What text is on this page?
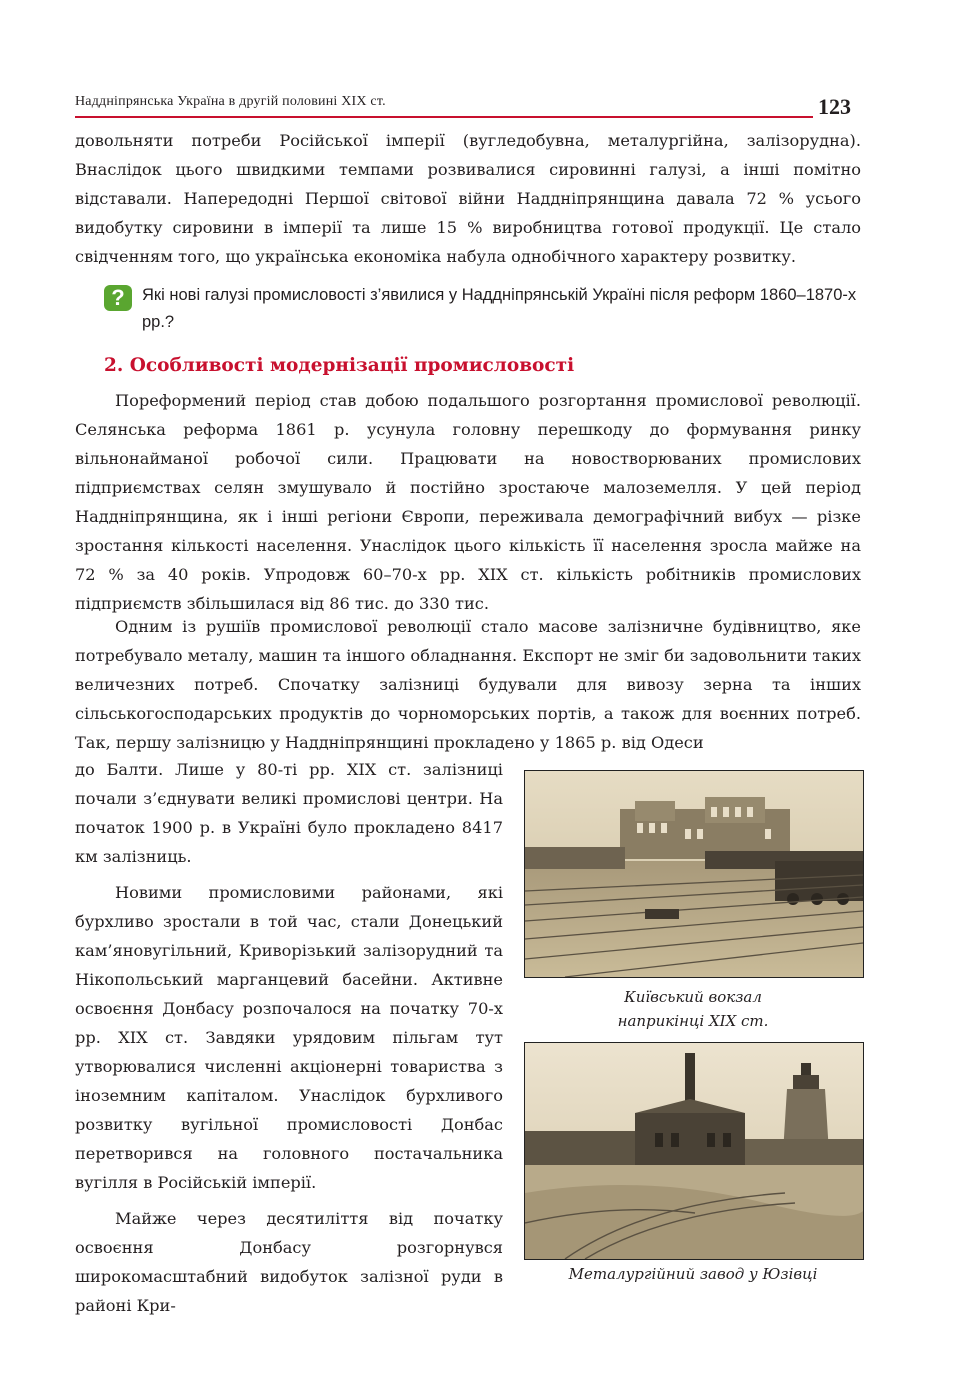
Наддніпрянська Україна в другій половині XIX ст.	123

довольняти потреби Російської імперії (вугледобувна, металургійна, залізорудна). Внаслідок цього швидкими темпами розвивалися сировинні галузі, а інші помітно відставали. Напередодні Першої світової війни Наддніпрянщина давала 72 % усього видобутку сировини в імперії та лише 15 % виробництва готової продукції. Це стало свідченням того, що українська економіка набула однобічного характеру розвитку.

?	Які нові галузі промисловості з’явилися у Наддніпрянській Україні після реформ 1860–1870-х рр.?
2. Особливості модернізації промисловості

Пореформений період став добою подальшого розгортання промислової революції. Селянська реформа 1861 р. усунула головну перешкоду до формування ринку вільнонайманої робочої сили. Працювати на новостворюваних промислових підприємствах селян змушувало й постійно зростаюче малоземелля. У цей період Наддніпрянщина, як і інші регіони Європи, переживала демографічний вибух — різке зростання кількості населення. Унаслідок цього кількість її населення зросла майже на 72 % за 40 років. Упродовж 60–70-х рр. XIX ст. кількість робітників промислових підприємств збільшилася від 86 тис. до 330 тис.

Одним із рушіїв промислової революції стало масове залізничне будівництво, яке потребувало металу, машин та іншого обладнання. Експорт не зміг би задовольнити таких величезних потреб. Спочатку залізниці будували для вивозу зерна та інших сільськогосподарських продуктів до чорноморських портів, а також для воєнних потреб. Так, першу залізницю у Наддніпрянщині прокладено у 1865 р. від Одеси

до Балти. Лише у 80-ті рр. XIX ст. залізниці почали з’єднувати великі промислові центри. На початок 1900 р. в Україні було прокладено 8417 км залізниць.

Новими промисловими районами, які бурхливо зростали в той час, стали Донецький кам’яновугільний, Криворізький залізорудний та Нікопольський марганцевий басейни. Активне освоєння Донбасу розпочалося на початку 70-х рр. XIX ст. Завдяки урядовим пільгам тут утворювалися численні акціонерні товариства з іноземним капіталом. Унаслідок бурхливого розвитку вугільної промисловості Донбас перетворився на головного постачальника вугілля в Російській імперії.

Майже через десятиліття від початку освоєння Донбасу розгорнувся широкомасштабний видобуток залізної руди в районі Кри-

Київський вокзал
наприкінці XIX ст.
Металургійний завод у Юзівці
